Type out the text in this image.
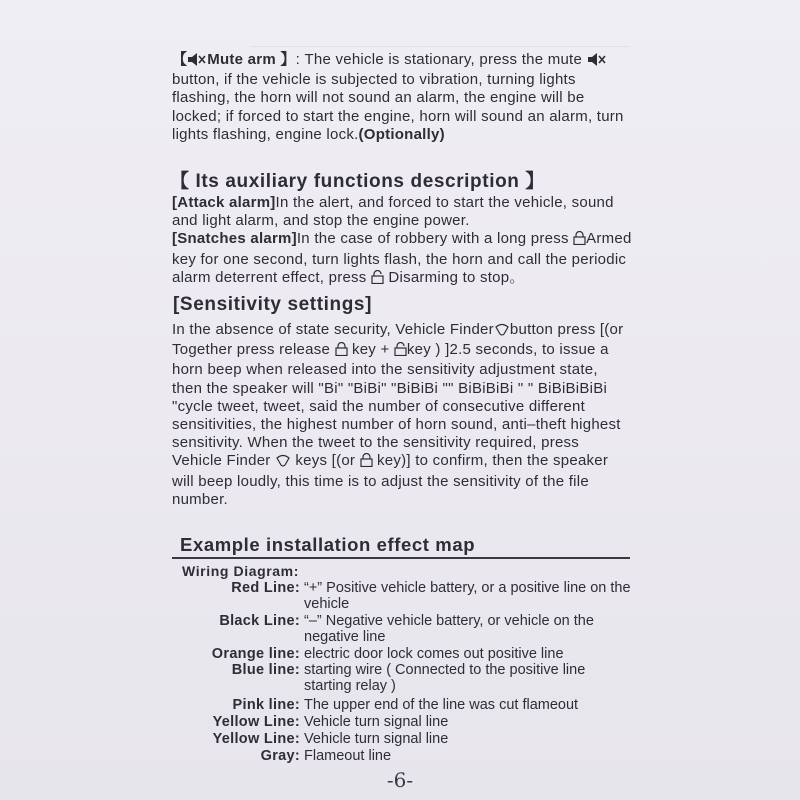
【 Mute arm 】: The vehicle is stationary, press the mute  button, if the vehicle is subjected to vibration, turning lights flashing, the horn will not sound an alarm, the engine will be locked; if forced to start the engine, horn will sound an alarm, turn lights flashing, engine lock.(Optionally)

【 Its auxiliary functions description 】

[Attack alarm]In the alert, and forced to start the vehicle, sound and light alarm, and stop the engine power.

[Snatches alarm]In the case of robbery with a long press Armed key for one second, turn lights flash, the horn and call the periodic alarm deterrent effect, press Disarming to stop。

[Sensitivity settings]

In the absence of state security, Vehicle Finder button press [(or Together press release key + key ) ]2.5 seconds, to issue a horn beep when released into the sensitivity adjustment state, then the speaker will "Bi" "BiBi" "BiBiBi "" BiBiBiBi " " BiBiBiBiBi "cycle tweet, tweet, said the number of consecutive different sensitivities, the highest number of horn sound, anti–theft highest sensitivity. When the tweet to the sensitivity required, press Vehicle Finder keys [(or key)] to confirm, then the speaker will beep loudly, this time is to adjust the sensitivity of the file number.

Example installation effect map
Wiring Diagram:
Red Line: “+” Positive vehicle battery, or a positive line on the vehicle
Black Line: “–” Negative vehicle battery, or vehicle on the negative line
Orange line: electric door lock comes out positive line
Blue line: starting wire ( Connected to the positive line starting relay )
Pink line: The upper end of the line was cut flameout
Yellow Line: Vehicle turn signal line
Yellow Line: Vehicle turn signal line
Gray: Flameout line
-6-
